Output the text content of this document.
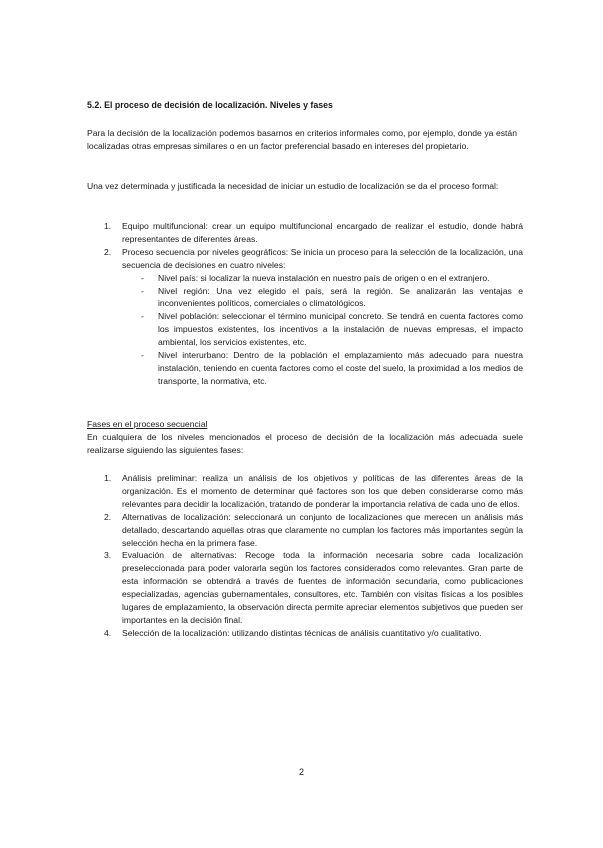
5.2. El proceso de decisión de localización. Niveles y fases

Para la decisión de la localización podemos basarnos en criterios informales como, por ejemplo, donde ya están localizadas otras empresas similares o en un factor preferencial basado en intereses del propietario.

Una vez determinada y justificada la necesidad de iniciar un estudio de localización se da el proceso formal:

1. Equipo multifuncional: crear un equipo multifuncional encargado de realizar el estudio, donde habrá representantes de diferentes áreas.
2. Proceso secuencia por niveles geográficos: Se inicia un proceso para la selección de la localización, una secuencia de decisiones en cuatro niveles:
- Nivel país: si localizar la nueva instalación en nuestro país de origen o en el extranjero.
- Nivel región: Una vez elegido el país, será la región. Se analizarán las ventajas e inconvenientes políticos, comerciales o climatológicos.
- Nivel población: seleccionar el término municipal concreto. Se tendrá en cuenta factores como los impuestos existentes, los incentivos a la instalación de nuevas empresas, el impacto ambiental, los servicios existentes, etc.
- Nivel interurbano: Dentro de la población el emplazamiento más adecuado para nuestra instalación, teniendo en cuenta factores como el coste del suelo, la proximidad a los medios de transporte, la normativa, etc.
Fases en el proceso secuencial

En cualquiera de los niveles mencionados el proceso de decisión de la localización más adecuada suele realizarse siguiendo las siguientes fases:

1. Análisis preliminar: realiza un análisis de los objetivos y políticas de las diferentes áreas de la organización. Es el momento de determinar qué factores son los que deben considerarse como más relevantes para decidir la localización, tratando de ponderar la importancia relativa de cada uno de ellos.
2. Alternativas de localización: seleccionará un conjunto de localizaciones que merecen un análisis más detallado, descartando aquellas otras que claramente no cumplan los factores más importantes según la selección hecha en la primera fase.
3. Evaluación de alternativas: Recoge toda la información necesaria sobre cada localización preseleccionada para poder valorarla según los factores considerados como relevantes. Gran parte de esta información se obtendrá a través de fuentes de información secundaria, como publicaciones especializadas, agencias gubernamentales, consultores, etc. También con visitas físicas a los posibles lugares de emplazamiento, la observación directa permite apreciar elementos subjetivos que pueden ser importantes en la decisión final.
4. Selección de la localización: utilizando distintas técnicas de análisis cuantitativo y/o cualitativo.
2
